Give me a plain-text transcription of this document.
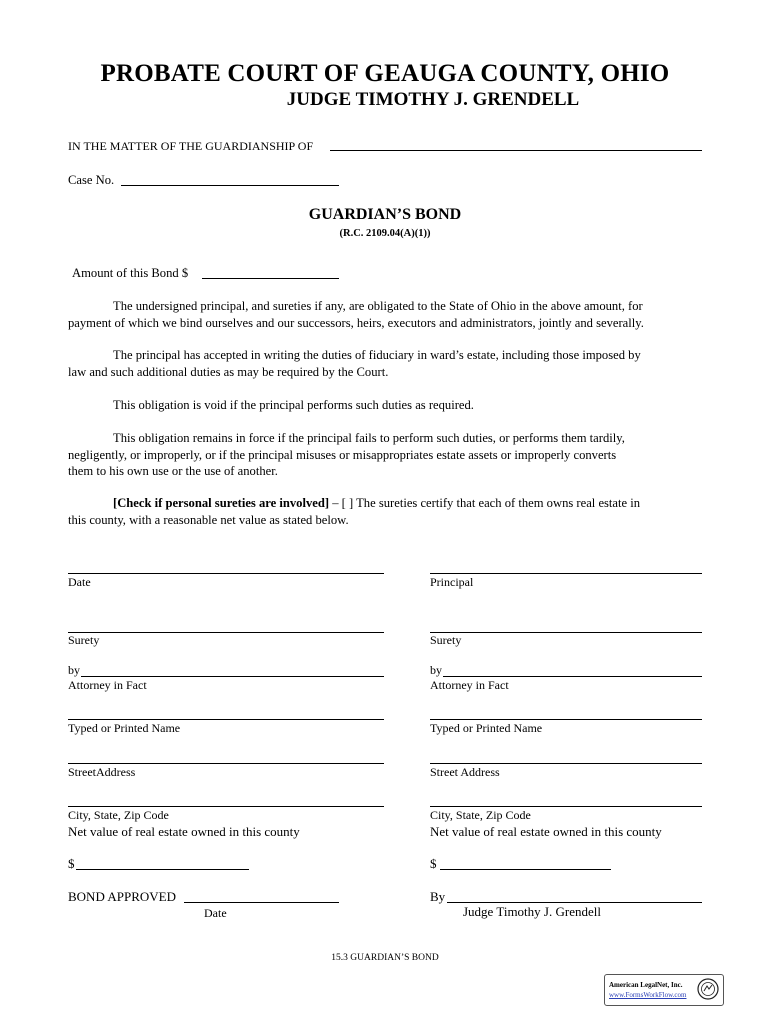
PROBATE COURT OF GEAUGA COUNTY, OHIO
JUDGE TIMOTHY J. GRENDELL
IN THE MATTER OF THE GUARDIANSHIP OF
Case No.
GUARDIAN’S BOND
(R.C. 2109.04(A)(1))
Amount of this Bond $
The undersigned principal, and sureties if any, are obligated to the State of Ohio in the above amount, for
payment of which we bind ourselves and our successors, heirs, executors and administrators, jointly and severally.
The principal has accepted in writing the duties of fiduciary in ward’s estate, including those imposed by
law and such additional duties as may be required by the Court.
This obligation is void if the principal performs such duties as required.
This obligation remains in force if the principal fails to perform such duties, or performs them tardily,
negligently, or improperly, or if the principal misuses or misappropriates estate assets or improperly converts
them to his own use or the use of another.
[Check if personal sureties are involved] – [ ] The sureties certify that each of them owns real estate in
this county, with a reasonable net value as stated below.
Date
Surety
by
Attorney in Fact
Typed or Printed Name
StreetAddress
City, State, Zip Code
Net value of real estate owned in this county
$
BOND APPROVED
Date
Principal
Surety
by
Attorney in Fact
Typed or Printed Name
Street Address
City, State, Zip Code
Net value of real estate owned in this county
$
By
Judge Timothy J. Grendell
15.3 GUARDIAN’S BOND
American LegalNet, Inc.
www.FormsWorkFlow.com
